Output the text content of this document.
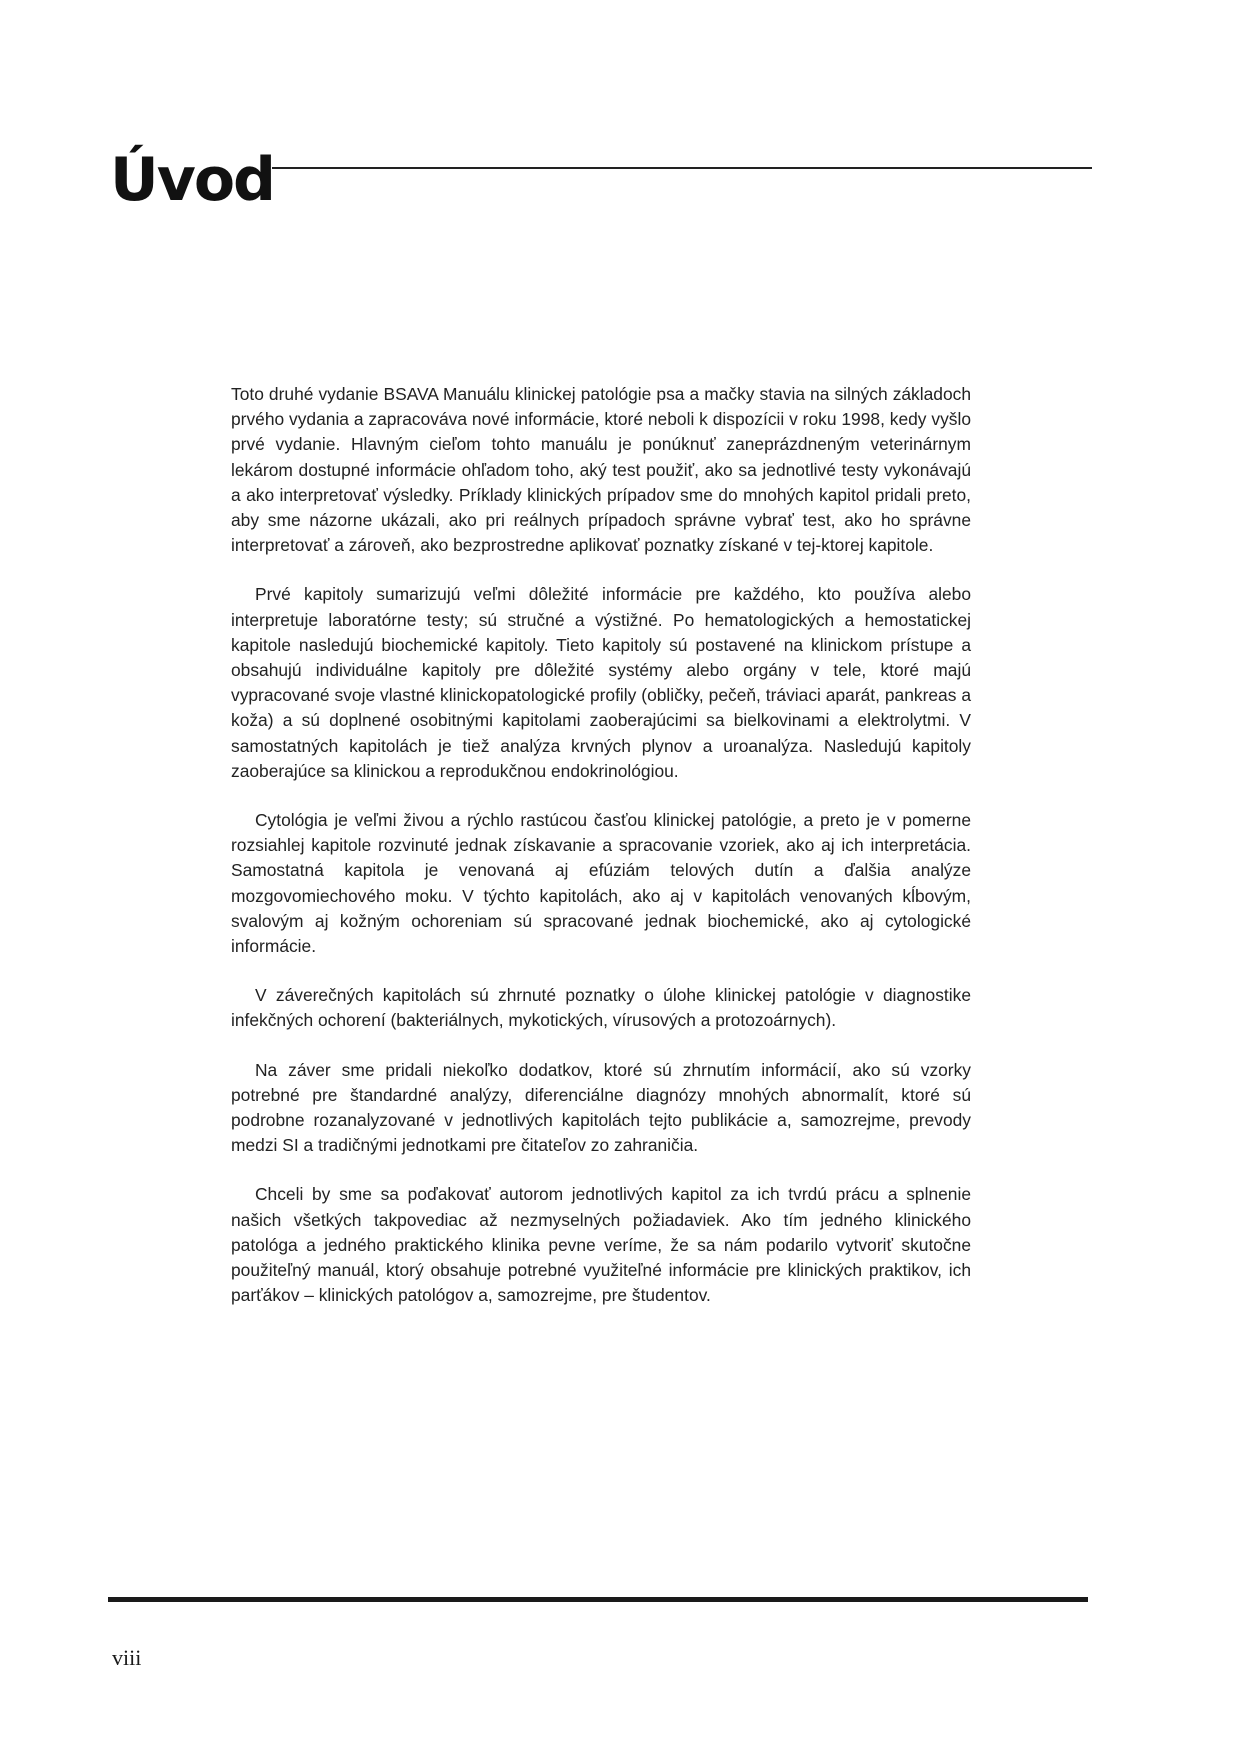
Úvod

Toto druhé vydanie BSAVA Manuálu klinickej patológie psa a mačky stavia na silných základoch prvého vydania a zapracováva nové informácie, ktoré neboli k dispozícii v roku 1998, kedy vyšlo prvé vydanie. Hlavným cieľom tohto manuálu je ponúknuť zaneprázdneným veterinárnym lekárom dostupné informácie ohľadom toho, aký test použiť, ako sa jednotlivé testy vykonávajú a ako interpretovať výsledky. Príklady klinických prípadov sme do mnohých kapitol pridali preto, aby sme názorne ukázali, ako pri reálnych prípadoch správne vybrať test, ako ho správne interpretovať a zároveň, ako bezprostredne aplikovať poznatky získané v tej-ktorej kapitole.

Prvé kapitoly sumarizujú veľmi dôležité informácie pre každého, kto používa alebo interpretuje laboratórne testy; sú stručné a výstižné. Po hematologických a hemostatickej kapitole nasledujú biochemické kapitoly. Tieto kapitoly sú postavené na klinickom prístupe a obsahujú individuálne kapitoly pre dôležité systémy alebo orgány v tele, ktoré majú vypracované svoje vlastné klinickopatologické profily (obličky, pečeň, tráviaci aparát, pankreas a koža) a sú doplnené osobitnými kapitolami zaoberajúcimi sa bielkovinami a elektrolytmi. V samostatných kapitolách je tiež analýza krvných plynov a uroanalýza. Nasledujú kapitoly zaoberajúce sa klinickou a reprodukčnou endokrinológiou.

Cytológia je veľmi živou a rýchlo rastúcou časťou klinickej patológie, a preto je v pomerne rozsiahlej kapitole rozvinuté jednak získavanie a spracovanie vzoriek, ako aj ich interpretácia. Samostatná kapitola je venovaná aj efúziám telových dutín a ďalšia analýze mozgovomiechového moku. V týchto kapitolách, ako aj v kapitolách venovaných kĺbovým, svalovým aj kožným ochoreniam sú spracované jednak biochemické, ako aj cytologické informácie.

V záverečných kapitolách sú zhrnuté poznatky o úlohe klinickej patológie v diagnostike infekčných ochorení (bakteriálnych, mykotických, vírusových a protozoárnych).

Na záver sme pridali niekoľko dodatkov, ktoré sú zhrnutím informácií, ako sú vzorky potrebné pre štandardné analýzy, diferenciálne diagnózy mnohých abnormalít, ktoré sú podrobne rozanalyzované v jednotlivých kapitolách tejto publikácie a, samozrejme, prevody medzi SI a tradičnými jednotkami pre čitateľov zo zahraničia.

Chceli by sme sa poďakovať autorom jednotlivých kapitol za ich tvrdú prácu a splnenie našich všetkých takpovediac až nezmyselných požiadaviek. Ako tím jedného klinického patológa a jedného praktického klinika pevne veríme, že sa nám podarilo vytvoriť skutočne použiteľný manuál, ktorý obsahuje potrebné využiteľné informácie pre klinických praktikov, ich parťákov – klinických patológov a, samozrejme, pre študentov.

viii
